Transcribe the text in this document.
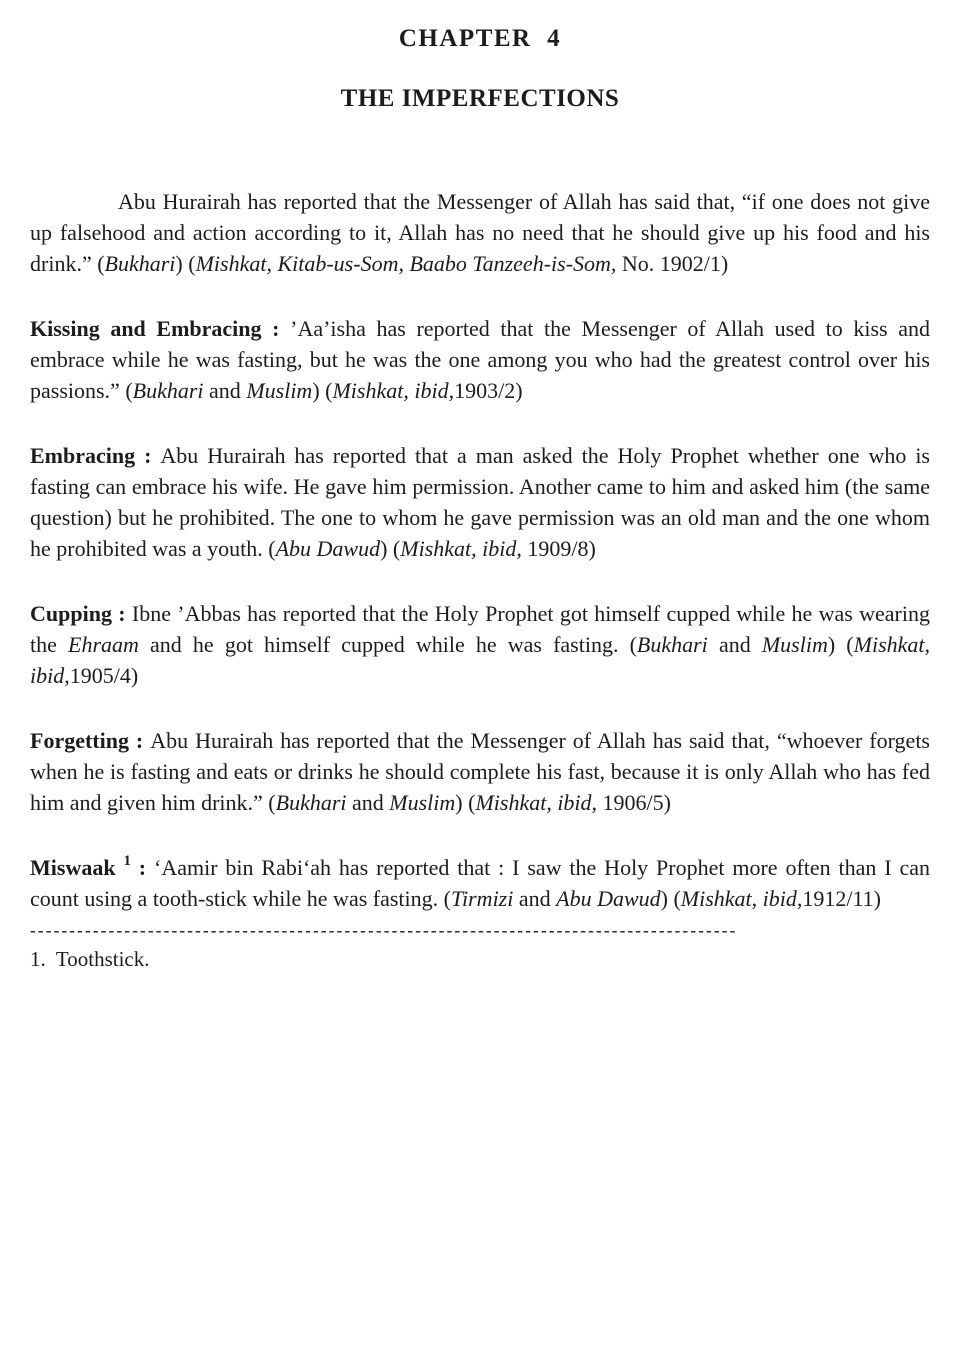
CHAPTER  4
THE IMPERFECTIONS

Abu Hurairah has reported that the Messenger of Allah has said that, “if one does not give up falsehood and action according to it, Allah has no need that he should give up his food and his drink.” (Bukhari) (Mishkat, Kitab-us-Som, Baabo Tanzeeh-is-Som, No. 1902/1)

Kissing and Embracing : ’Aa’isha has reported that the Messenger of Allah used to kiss and embrace while he was fasting, but he was the one among you who had the greatest control over his passions.” (Bukhari and Muslim) (Mishkat, ibid,1903/2)

Embracing : Abu Hurairah has reported that a man asked the Holy Prophet whether one who is fasting can embrace his wife. He gave him permission. Another came to him and asked him (the same question) but he prohibited. The one to whom he gave permission was an old man and the one whom he prohibited was a youth. (Abu Dawud) (Mishkat, ibid, 1909/8)

Cupping : Ibne ’Abbas has reported that the Holy Prophet got himself cupped while he was wearing the Ehraam and he got himself cupped while he was fasting. (Bukhari and Muslim) (Mishkat, ibid,1905/4)

Forgetting : Abu Hurairah has reported that the Messenger of Allah has said that, “whoever forgets when he is fasting and eats or drinks he should complete his fast, because it is only Allah who has fed him and given him drink.” (Bukhari and Muslim) (Mishkat, ibid, 1906/5)

Miswaak $^1$ : ‘Aamir bin Rabi‘ah has reported that : I saw the Holy Prophet more often than I can count using a tooth-stick while he was fasting. (Tirmizi and Abu Dawud) (Mishkat, ibid,1912/11)

------------------------------------------------------------------------------------------
1.  Toothstick.
